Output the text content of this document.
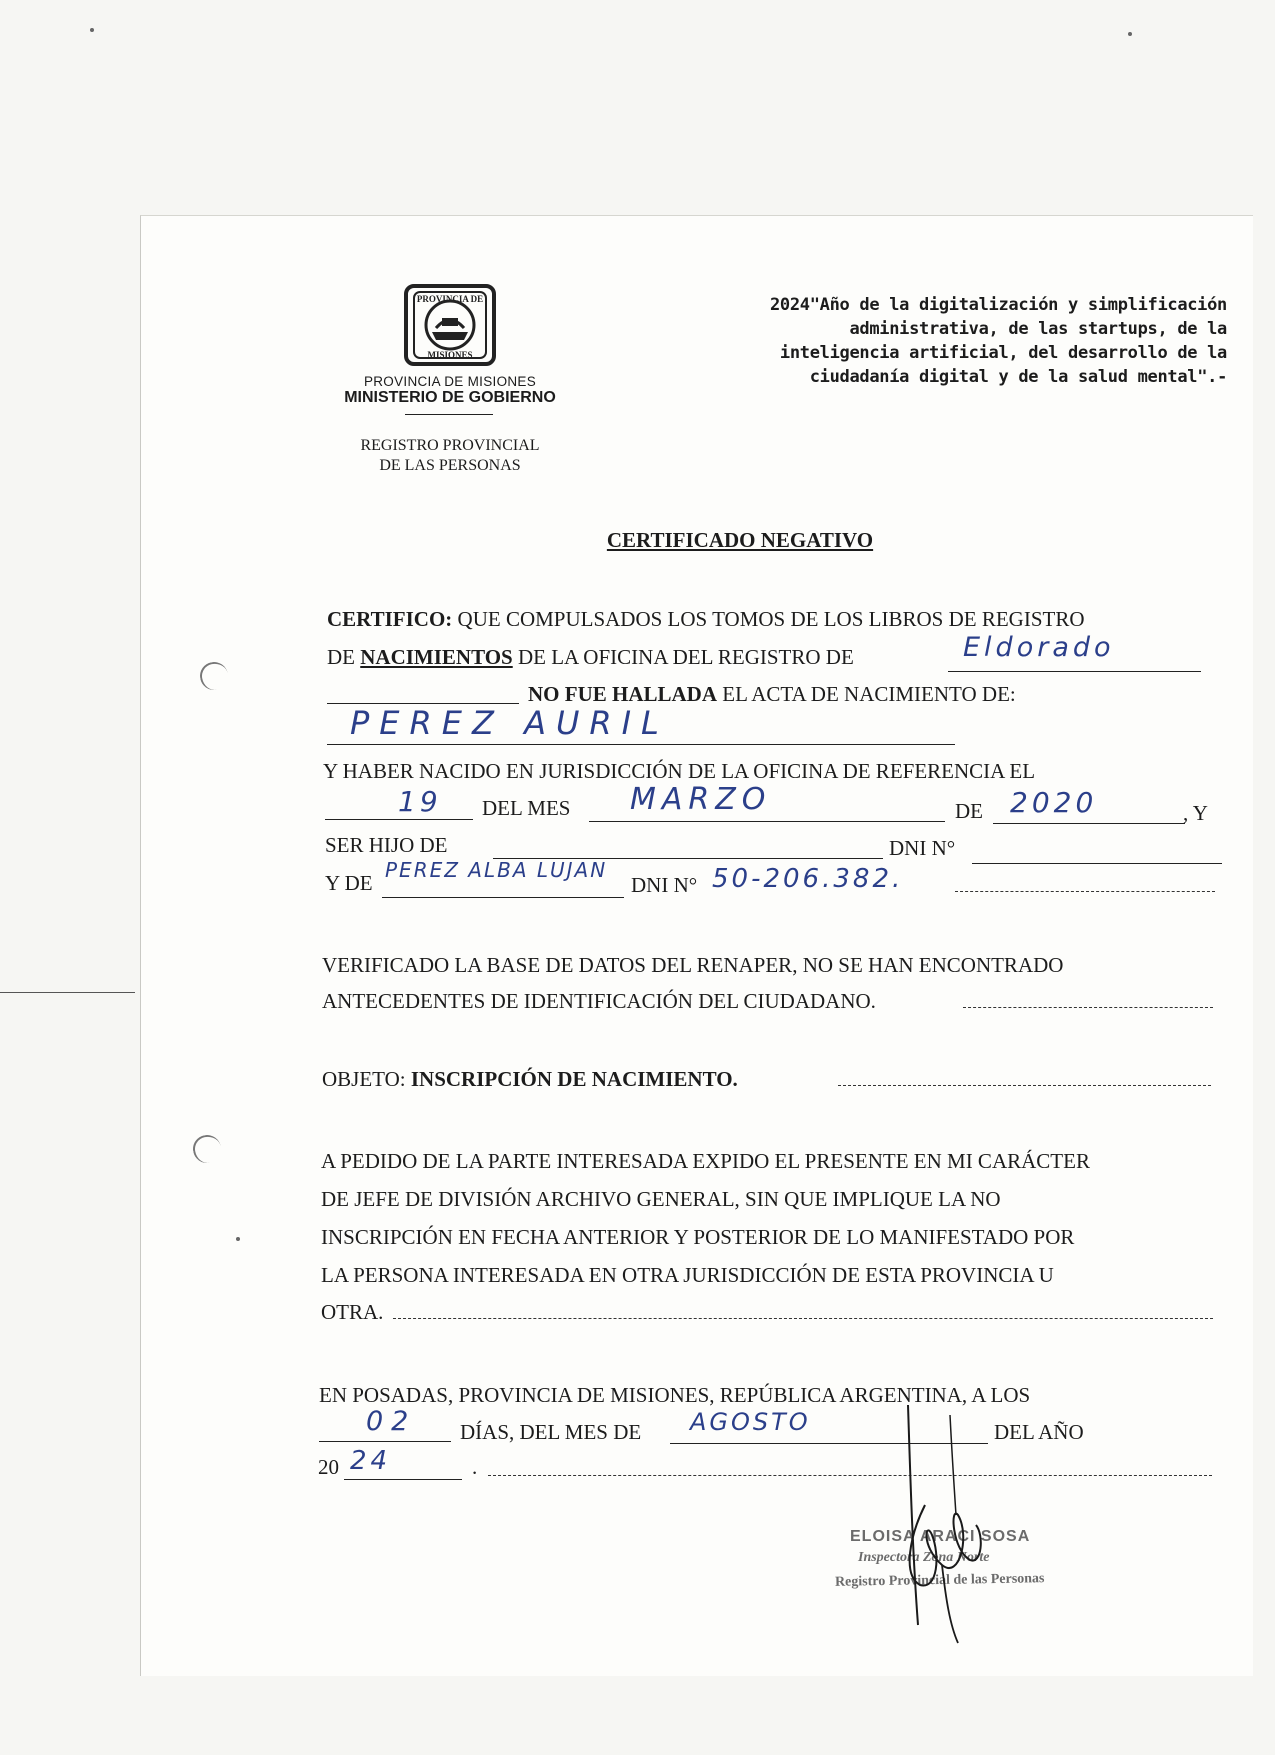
PROVINCIA DE
MISIONES
PROVINCIA DE MISIONES
MINISTERIO DE GOBIERNO
REGISTRO PROVINCIAL
DE LAS PERSONAS
2024"Año de la digitalización y simplificación
administrativa, de las startups, de la
inteligencia artificial, del desarrollo de la
ciudadanía digital y de la salud mental".-
CERTIFICADO NEGATIVO
CERTIFICO: QUE COMPULSADOS LOS TOMOS DE LOS LIBROS DE REGISTRO
DE NACIMIENTOS DE LA OFICINA DEL REGISTRO DE	Eldorado
NO FUE HALLADA EL ACTA DE NACIMIENTO DE:
PEREZ AURIL
Y HABER NACIDO EN JURISDICCIÓN DE LA OFICINA DE REFERENCIA EL
19 DEL MES MARZO	DE 2020	, Y
SER HIJO DE	DNI N°
Y DE
PEREZ ALBA LUJAN
DNI N° 50-206.382.
VERIFICADO LA BASE DE DATOS DEL RENAPER, NO SE HAN ENCONTRADO
ANTECEDENTES DE IDENTIFICACIÓN DEL CIUDADANO.
OBJETO: INSCRIPCIÓN DE NACIMIENTO.
A PEDIDO DE LA PARTE INTERESADA EXPIDO EL PRESENTE EN MI CARÁCTER
DE JEFE DE DIVISIÓN ARCHIVO GENERAL, SIN QUE IMPLIQUE LA NO
INSCRIPCIÓN EN FECHA ANTERIOR Y POSTERIOR DE LO MANIFESTADO POR
LA PERSONA INTERESADA EN OTRA JURISDICCIÓN DE ESTA PROVINCIA U
OTRA.
EN POSADAS, PROVINCIA DE MISIONES, REPÚBLICA ARGENTINA, A LOS
02 DÍAS, DEL MES DE AGOSTO	DEL AÑO
20 24	.
ELOISA ARACI SOSA
Inspectora Zona Norte
Registro Provincial de las Personas
